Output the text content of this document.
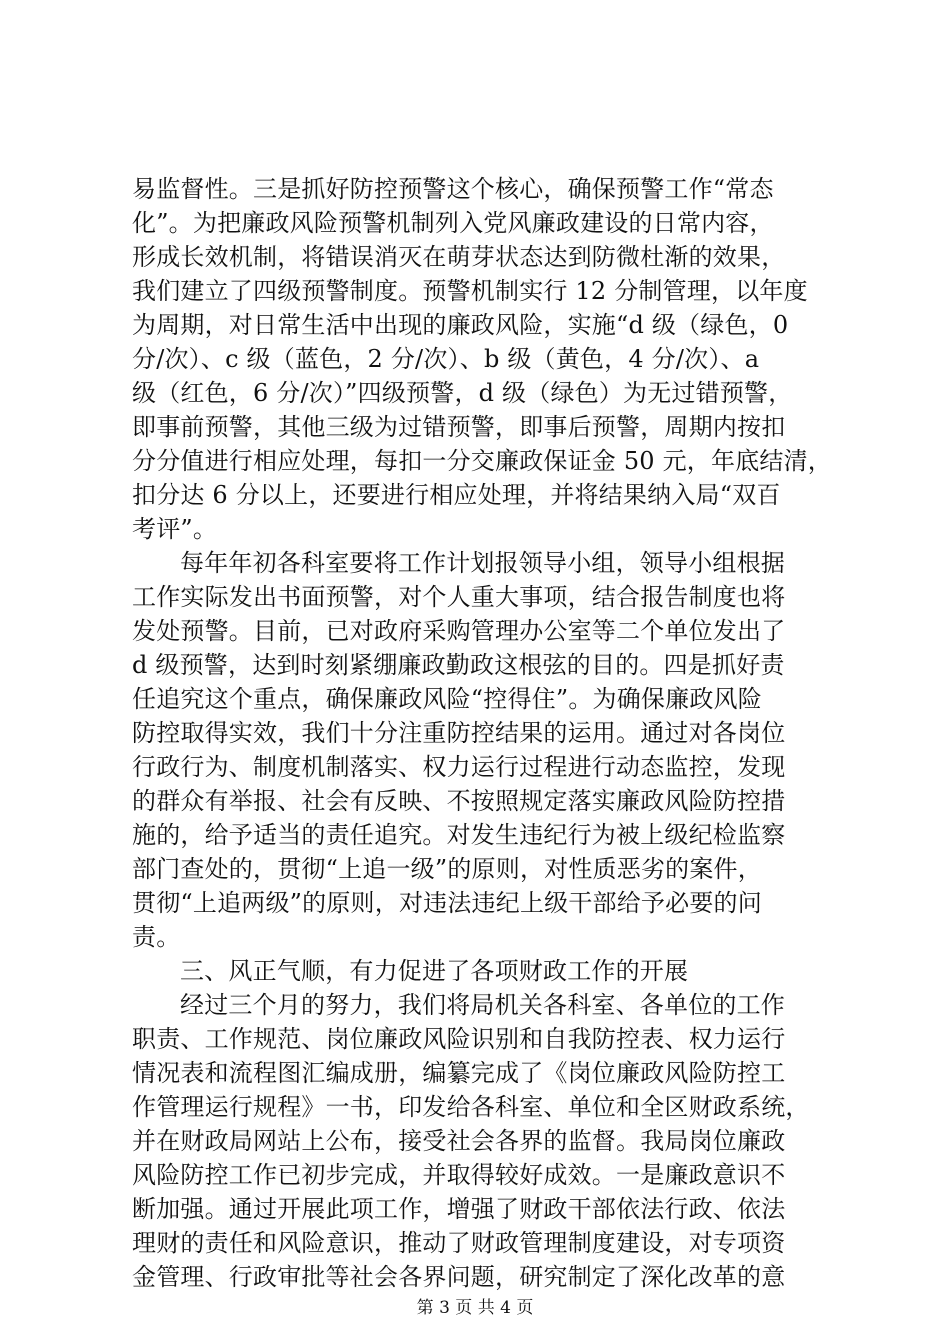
易监督性。三是抓好防控预警这个核心，确保预警工作“常态
化”。为把廉政风险预警机制列入党风廉政建设的日常内容，
形成长效机制，将错误消灭在萌芽状态达到防微杜渐的效果，
我们建立了四级预警制度。预警机制实行 12 分制管理，以年度
为周期，对日常生活中出现的廉政风险，实施“d 级（绿色，0
分/次）、c 级（蓝色，2 分/次）、b 级（黄色，4 分/次）、a
级（红色，6 分/次）”四级预警，d 级（绿色）为无过错预警，
即事前预警，其他三级为过错预警，即事后预警，周期内按扣
分分值进行相应处理，每扣一分交廉政保证金 50 元，年底结清，
扣分达 6 分以上，还要进行相应处理，并将结果纳入局“双百
考评”。
每年年初各科室要将工作计划报领导小组，领导小组根据
工作实际发出书面预警，对个人重大事项，结合报告制度也将
发处预警。目前，已对政府采购管理办公室等二个单位发出了
d 级预警，达到时刻紧绷廉政勤政这根弦的目的。四是抓好责
任追究这个重点，确保廉政风险“控得住”。为确保廉政风险
防控取得实效，我们十分注重防控结果的运用。通过对各岗位
行政行为、制度机制落实、权力运行过程进行动态监控，发现
的群众有举报、社会有反映、不按照规定落实廉政风险防控措
施的，给予适当的责任追究。对发生违纪行为被上级纪检监察
部门查处的，贯彻“上追一级”的原则，对性质恶劣的案件，
贯彻“上追两级”的原则，对违法违纪上级干部给予必要的问
责。
三、风正气顺，有力促进了各项财政工作的开展
经过三个月的努力，我们将局机关各科室、各单位的工作
职责、工作规范、岗位廉政风险识别和自我防控表、权力运行
情况表和流程图汇编成册，编纂完成了《岗位廉政风险防控工
作管理运行规程》一书，印发给各科室、单位和全区财政系统，
并在财政局网站上公布，接受社会各界的监督。我局岗位廉政
风险防控工作已初步完成，并取得较好成效。一是廉政意识不
断加强。通过开展此项工作，增强了财政干部依法行政、依法
理财的责任和风险意识，推动了财政管理制度建设，对专项资
金管理、行政审批等社会各界问题，研究制定了深化改革的意
第 3 页 共 4 页
